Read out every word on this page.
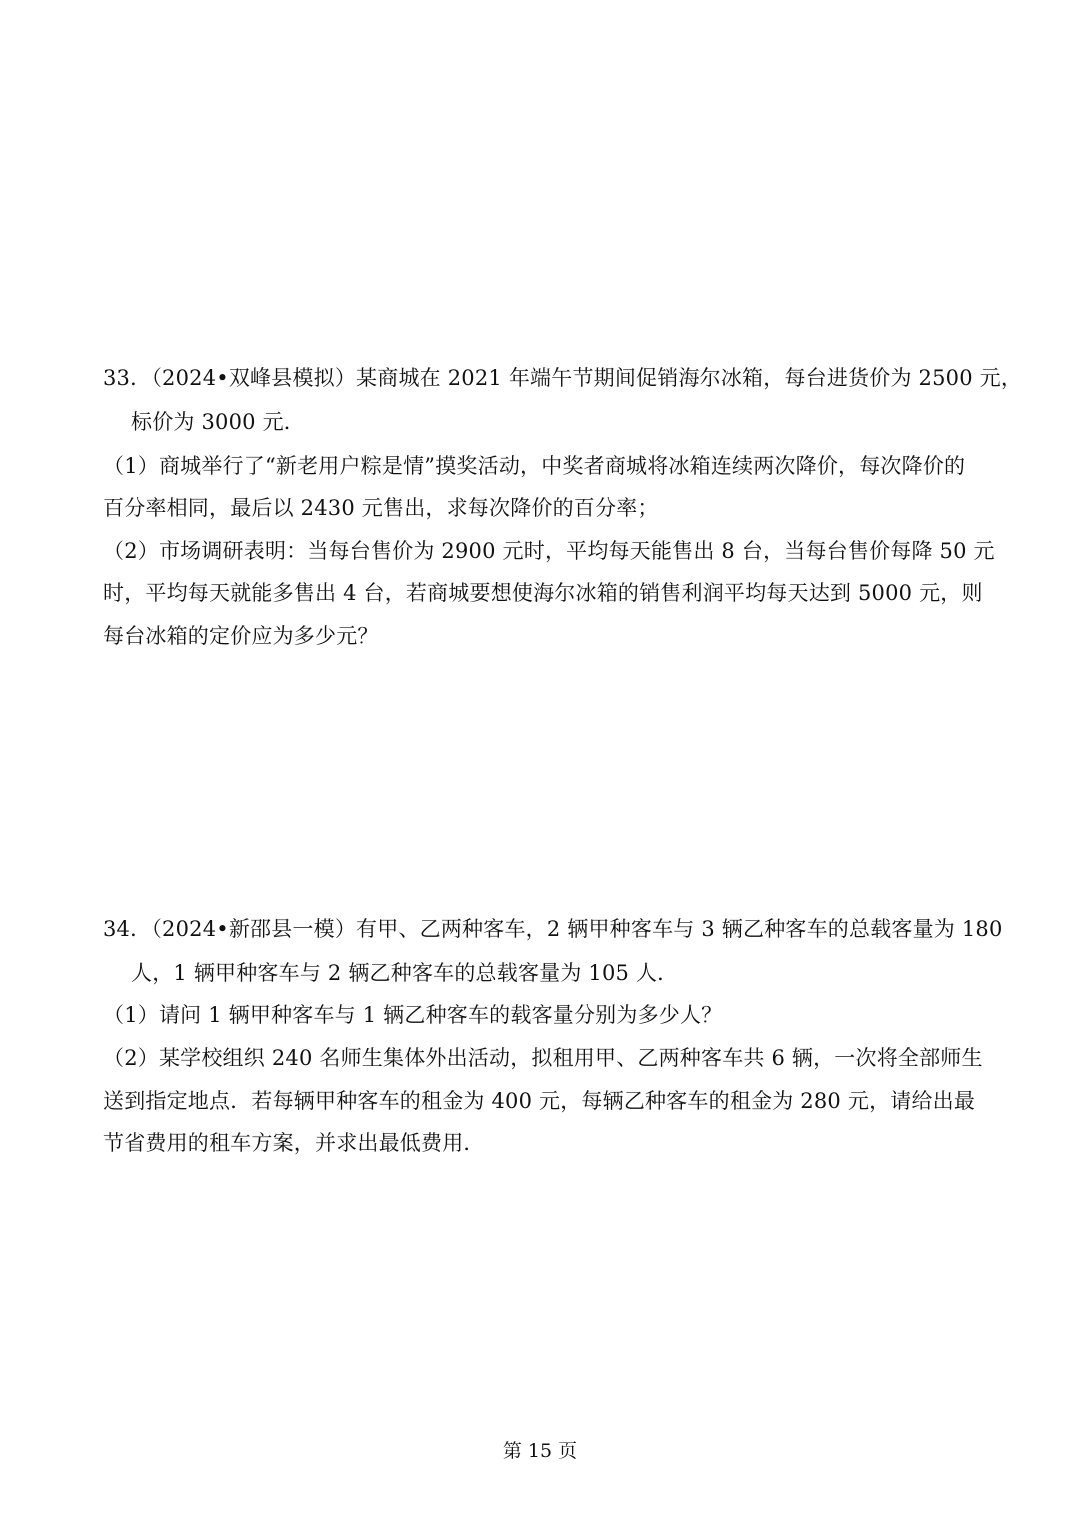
33．（2024•双峰县模拟）某商城在 2021 年端午节期间促销海尔冰箱，每台进货价为 2500 元，
标价为 3000 元．
（1）商城举行了“新老用户粽是情”摸奖活动，中奖者商城将冰箱连续两次降价，每次降价的
百分率相同，最后以 2430 元售出，求每次降价的百分率；
（2）市场调研表明：当每台售价为 2900 元时，平均每天能售出 8 台，当每台售价每降 50 元
时，平均每天就能多售出 4 台，若商城要想使海尔冰箱的销售利润平均每天达到 5000 元，则
每台冰箱的定价应为多少元？
34．（2024•新邵县一模）有甲、乙两种客车，2 辆甲种客车与 3 辆乙种客车的总载客量为 180
人，1 辆甲种客车与 2 辆乙种客车的总载客量为 105 人．
（1）请问 1 辆甲种客车与 1 辆乙种客车的载客量分别为多少人？
（2）某学校组织 240 名师生集体外出活动，拟租用甲、乙两种客车共 6 辆，一次将全部师生
送到指定地点．若每辆甲种客车的租金为 400 元，每辆乙种客车的租金为 280 元，请给出最
节省费用的租车方案，并求出最低费用．
第 15 页
